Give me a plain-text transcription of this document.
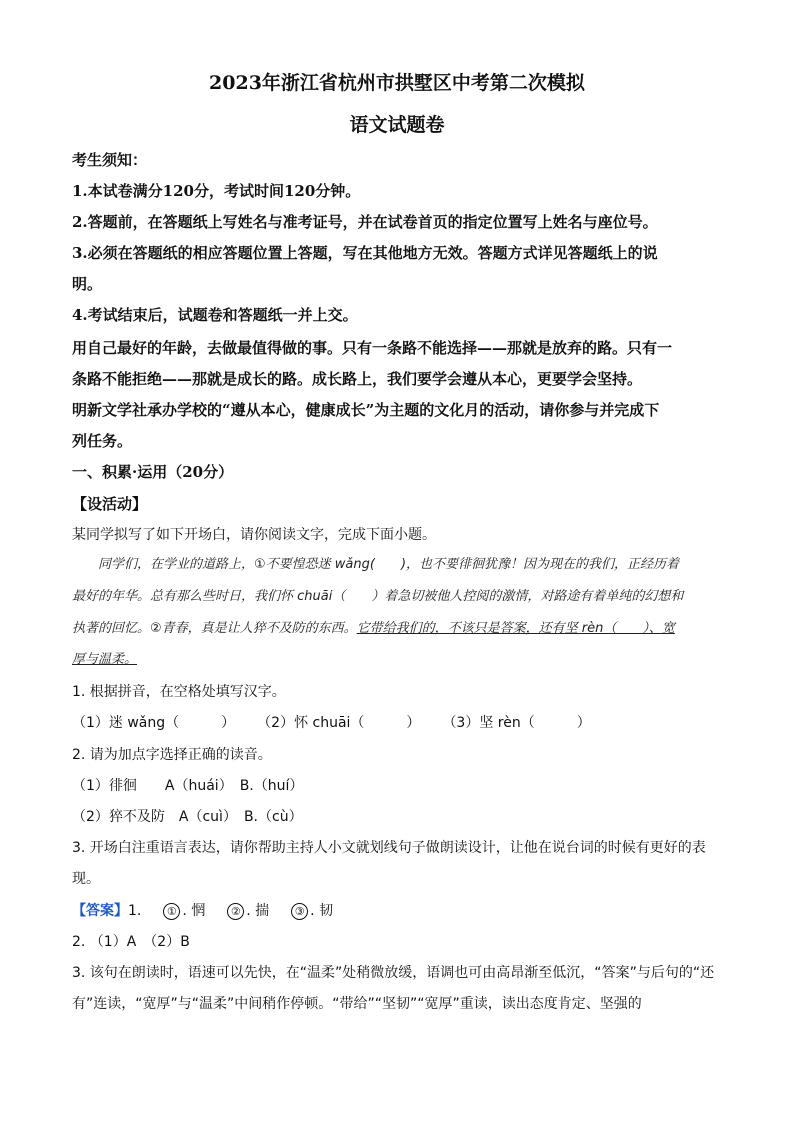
2023年浙江省杭州市拱墅区中考第二次模拟
语文试题卷
考生须知：
1.本试卷满分120分，考试时间120分钟。
2.答题前，在答题纸上写姓名与准考证号，并在试卷首页的指定位置写上姓名与座位号。
3.必须在答题纸的相应答题位置上答题，写在其他地方无效。答题方式详见答题纸上的说
明。
4.考试结束后，试题卷和答题纸一并上交。
用自己最好的年龄，去做最值得做的事。只有一条路不能选择——那就是放弃的路。只有一
条路不能拒绝——那就是成长的路。成长路上，我们要学会遵从本心，更要学会坚持。
明新文学社承办学校的“遵从本心，健康成长”为主题的文化月的活动，请你参与并完成下
列任务。
一、积累·运用（20分）
【设活动】
某同学拟写了如下开场白，请你阅读文字，完成下面小题。
同学们，在学业的道路上，①不要惶恐迷 wǎng(　　)，也不要徘徊犹豫！因为现在的我们，正经历着
最好的年华。总有那么些时日，我们怀 chuāi（　　）着急切被他人控阅的激情，对路途有着单纯的幻想和
执著的回忆。②青春，真是让人猝不及防的东西。它带给我们的，不该只是答案，还有坚 rèn（　　）、宽
厚与温柔。
1. 根据拼音，在空格处填写汉字。
（1）迷 wǎng（　　　） （2）怀 chuāi（　　　） （3）坚 rèn（　　　）
2. 请为加点字选择正确的读音。
（1）徘徊　　A（huái）　B.（huí）
（2）猝不及防　A（cuì）　B.（cù）
3. 开场白注重语言表达，请你帮助主持人小文就划线句子做朗读设计，让他在说台词的时候有更好的表
现。
【答案】1. ① . 惘 ② . 揣 ③ . 韧
2. （1）A　（2）B
3. 该句在朗读时，语速可以先快，在“温柔”处稍微放缓，语调也可由高昂渐至低沉，“答案”与后句的“还
有”连读，“宽厚”与“温柔”中间稍作停顿。“带给”“坚韧”“宽厚”重读，读出态度肯定、坚强的
